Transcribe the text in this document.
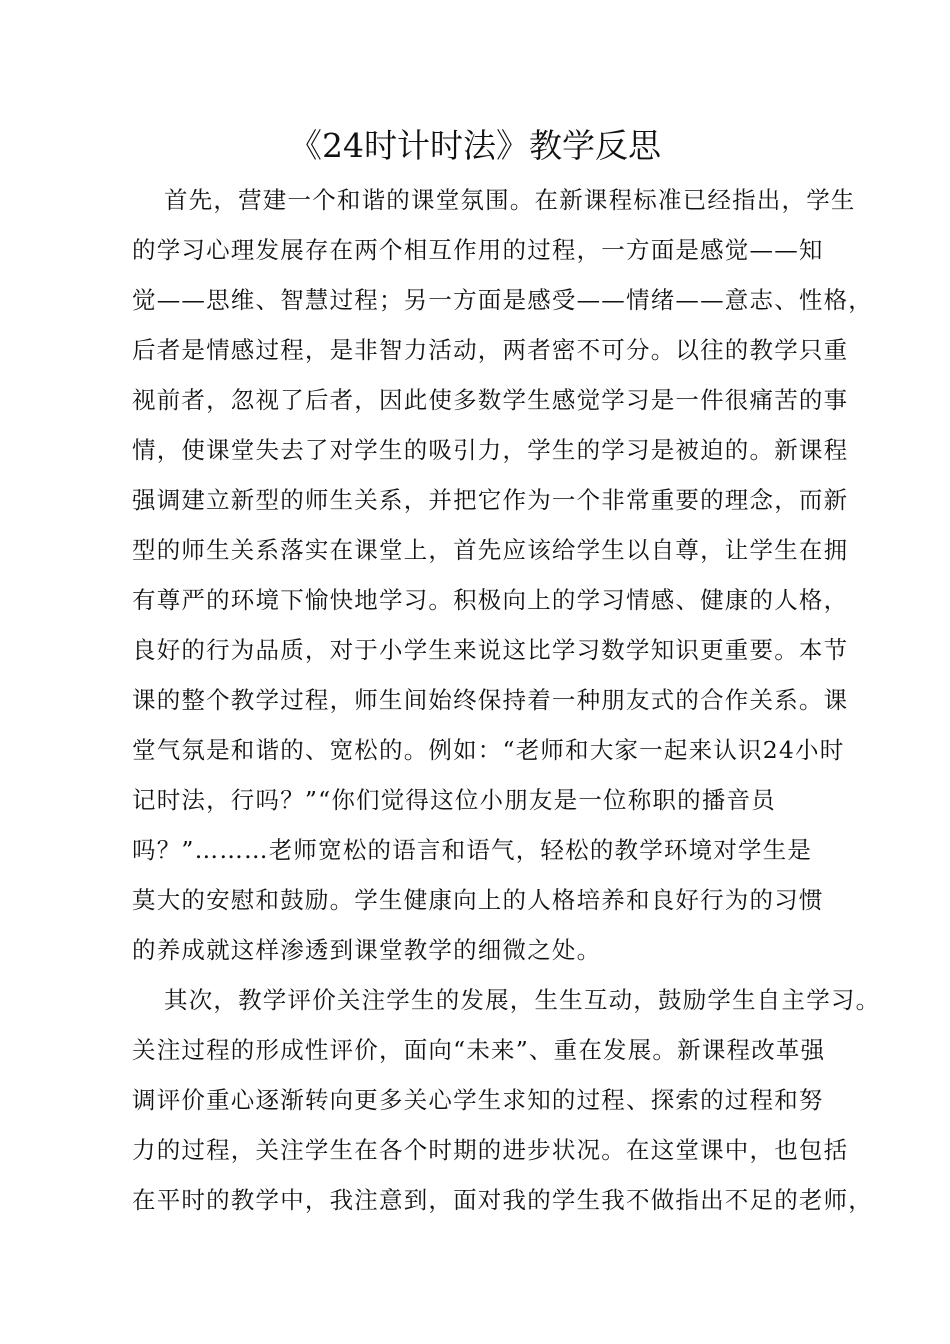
《24时计时法》教学反思
首先，营建一个和谐的课堂氛围。在新课程标准已经指出，学生
的学习心理发展存在两个相互作用的过程，一方面是感觉——知
觉——思维、智慧过程；另一方面是感受——情绪——意志、性格，
后者是情感过程，是非智力活动，两者密不可分。以往的教学只重
视前者，忽视了后者，因此使多数学生感觉学习是一件很痛苦的事
情，使课堂失去了对学生的吸引力，学生的学习是被迫的。新课程
强调建立新型的师生关系，并把它作为一个非常重要的理念，而新
型的师生关系落实在课堂上，首先应该给学生以自尊，让学生在拥
有尊严的环境下愉快地学习。积极向上的学习情感、健康的人格，
良好的行为品质，对于小学生来说这比学习数学知识更重要。本节
课的整个教学过程，师生间始终保持着一种朋友式的合作关系。课
堂气氛是和谐的、宽松的。例如：“老师和大家一起来认识24小时
记时法，行吗？”“你们觉得这位小朋友是一位称职的播音员
吗？”………老师宽松的语言和语气，轻松的教学环境对学生是
莫大的安慰和鼓励。学生健康向上的人格培养和良好行为的习惯
的养成就这样渗透到课堂教学的细微之处。
其次，教学评价关注学生的发展，生生互动，鼓励学生自主学习。
关注过程的形成性评价，面向“未来”、重在发展。新课程改革强
调评价重心逐渐转向更多关心学生求知的过程、探索的过程和努
力的过程，关注学生在各个时期的进步状况。在这堂课中，也包括
在平时的教学中，我注意到，面对我的学生我不做指出不足的老师，
